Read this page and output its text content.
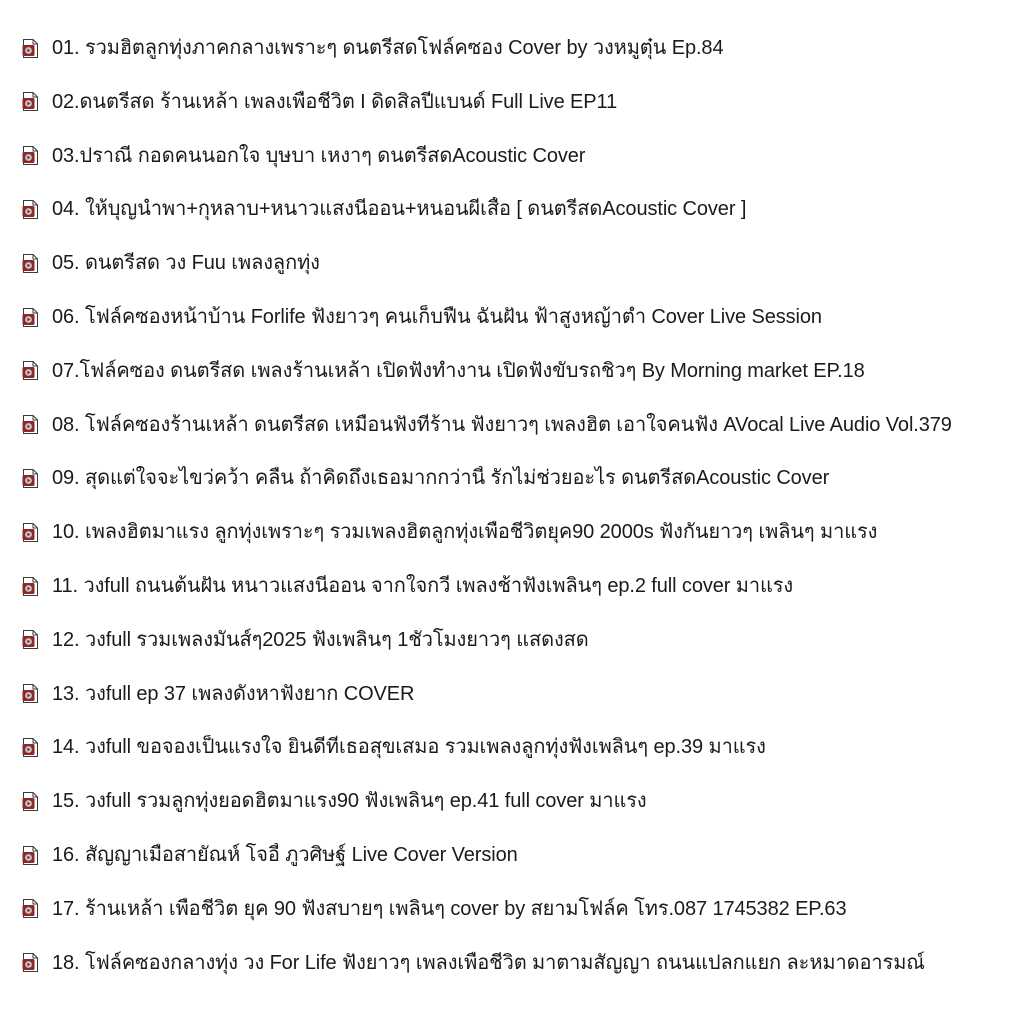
01. รวมฮิตลูกทุ่งภาคกลางเพราะๆ ดนตรีสดโฟล์คซอง Cover by วงหมูตุ๋น Ep.84
02.ดนตรีสด ร้านเหล้า เพลงเพื่อชีวิต I ดิดสิลปีแบนด์ Full Live EP11
03.ปราณี กอดคนนอกใจ บุษบา เหงาๆ ดนตรีสดAcoustic Cover
04. ให้บุญนำพา+กุหลาบ+หนาวแสงนีออน+หนอนผีเสื้อ [ ดนตรีสดAcoustic Cover ]
05. ดนตรีสด วง Fuu เพลงลูกทุ่ง
06. โฟล์คซองหน้าบ้าน Forlife ฟังยาวๆ คนเก็บฟืน ฉันฝัน ฟ้าสูงหญ้าต่ำ Cover Live Session
07.โฟล์คซอง ดนตรีสด เพลงร้านเหล้า เปิดฟังทำงาน เปิดฟังขับรถชิวๆ By Morning market EP.18
08. โฟล์คซองร้านเหล้า ดนตรีสด เหมือนฟังที่ร้าน ฟังยาวๆ เพลงฮิต เอาใจคนฟัง AVocal Live Audio Vol.379
09. สุดแต่ใจจะไขว่คว้า คลื่น ถ้าคิดถึงเธอมากกว่านี้ รักไม่ช่วยอะไร ดนตรีสดAcoustic Cover
10. เพลงฮิตมาแรง ลูกทุ่งเพราะๆ รวมเพลงฮิตลูกทุ่งเพื่อชีวิตยุค90 2000s ฟังกันยาวๆ เพลินๆ มาแรง
11. วงfull ถนนต้นฝัน หนาวแสงนีออน จากใจกวี เพลงช้าฟังเพลินๆ ep.2 full cover มาแรง
12. วงfull รวมเพลงมันส์ๆ2025 ฟังเพลินๆ 1ชั่วโมงยาวๆ แสดงสด
13. วงfull ep 37 เพลงดังหาฟังยาก COVER
14. วงfull ขอจองเป็นแรงใจ ยินดีที่เธอสุขเสมอ รวมเพลงลูกทุ่งฟังเพลินๆ ep.39 มาแรง
15. วงfull รวมลูกทุ่งยอดฮิตมาแรง90 ฟังเพลินๆ ep.41 full cover มาแรง
16. สัญญาเมื่อสายัณห์ โจอี้ ภูวศิษฐ์ Live Cover Version
17. ร้านเหล้า เพื่อชีวิต ยุค 90 ฟังสบายๆ เพลินๆ cover by สยามโฟล์ค โทร.087 1745382 EP.63
18. โฟล์คซองกลางทุ่ง วง For Life ฟังยาวๆ เพลงเพื่อชีวิต มาตามสัญญา ถนนแปลกแยก ละหมาดอารมณ์
